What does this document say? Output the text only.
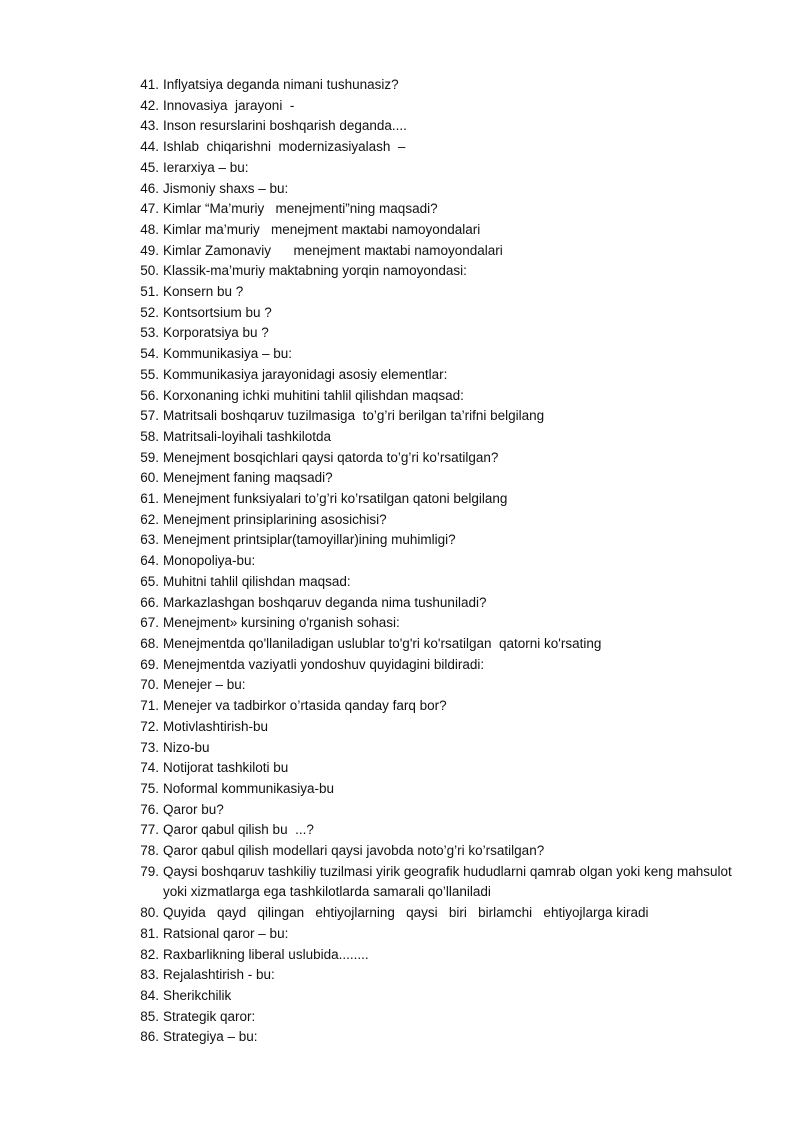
41. Inflyatsiya deganda nimani tushunasiz?
42. Innovasiya  jarayoni  -
43. Inson resurslarini boshqarish deganda....
44. Ishlab  chiqarishni  modernizasiyalash  –
45. Ierarxiya – bu:
46. Jismoniy shaxs – bu:
47. Kimlar “Ma’muriy   menejmenti”ning maqsadi?
48. Kimlar ma’muriy   menejment mакtabi namoyondalari
49. Kimlar Zamonaviy      menejment mакtabi namoyondalari
50. Klassik-ma’muriy maktabning yorqin namoyondasi:
51. Konsern bu ?
52. Kontsortsium bu ?
53. Korporatsiya bu ?
54. Kommunikasiya – bu:
55. Kommunikasiya jarayonidagi asosiy elementlar:
56. Korxonaning ichki muhitini tahlil qilishdan maqsad:
57. Matritsali boshqaruv tuzilmasiga  to’g’ri berilgan ta’rifni belgilang
58. Matritsali-loyihali tashkilotda
59. Menejment bosqichlari qaysi qatorda to’g’ri ko’rsatilgan?
60. Menejment faning maqsadi?
61. Menejment funksiyalari to’g’ri ko’rsatilgan qatoni belgilang
62. Menejment prinsiplarining asosichisi?
63. Menejment printsiplar(tamoyillar)ining muhimligi?
64. Monopoliya-bu:
65. Muhitni tahlil qilishdan maqsad:
66. Markazlashgan boshqaruv deganda nima tushuniladi?
67. Menejment» kursining o'rganish sohasi:
68. Menejmentda qo'llaniladigan uslublar to'g'ri ko'rsatilgan  qatorni ko'rsating
69. Menejmentda vaziyatli yondoshuv quyidagini bildiradi:
70. Menejer – bu:
71. Menejer va tadbirkor o’rtasida qanday farq bor?
72. Motivlashtirish-bu
73. Nizo-bu
74. Notijorat tashkiloti bu
75. Noformal kommunikasiya-bu
76. Qaror bu?
77. Qaror qabul qilish bu  ...?
78. Qaror qabul qilish modellari qaysi javobda noto’g’ri ko’rsatilgan?
79. Qaysi boshqaruv tashkiliy tuzilmasi yirik geografik hududlarni qamrab olgan yoki keng mahsulot yoki xizmatlarga ega tashkilotlarda samarali qo’llaniladi
80. Quyida   qayd   qilingan   ehtiyojlarning   qaysi   biri   birlamchi   ehtiyojlarga kiradi
81. Ratsional qaror – bu:
82. Raxbarlikning liberal uslubida........
83. Rejalashtirish - bu:
84. Sherikchilik
85. Strategik qaror:
86. Strategiya – bu:
